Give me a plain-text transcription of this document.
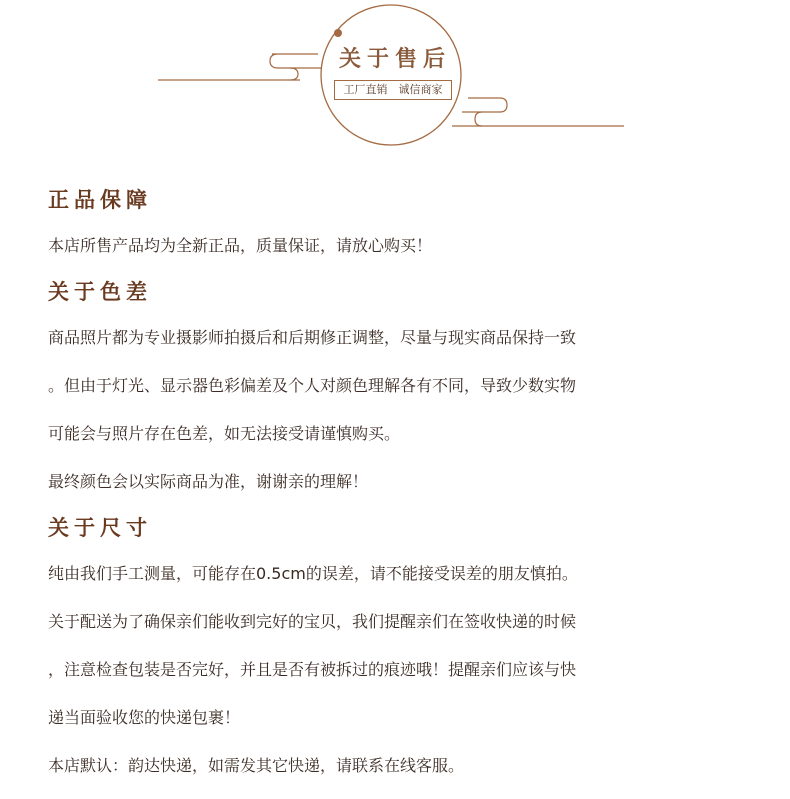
关于售后
工厂直销　诚信商家
正品保障

本店所售产品均为全新正品，质量保证，请放心购买！

关于色差

商品照片都为专业摄影师拍摄后和后期修正调整，尽量与现实商品保持一致

。但由于灯光、显示器色彩偏差及个人对颜色理解各有不同，导致少数实物

可能会与照片存在色差，如无法接受请谨慎购买。

最终颜色会以实际商品为准，谢谢亲的理解！

关于尺寸

纯由我们手工测量，可能存在0.5cm的误差，请不能接受误差的朋友慎拍。

关于配送为了确保亲们能收到完好的宝贝，我们提醒亲们在签收快递的时候

，注意检查包装是否完好，并且是否有被拆过的痕迹哦！提醒亲们应该与快

递当面验收您的快递包裹！

本店默认：韵达快递，如需发其它快递，请联系在线客服。
